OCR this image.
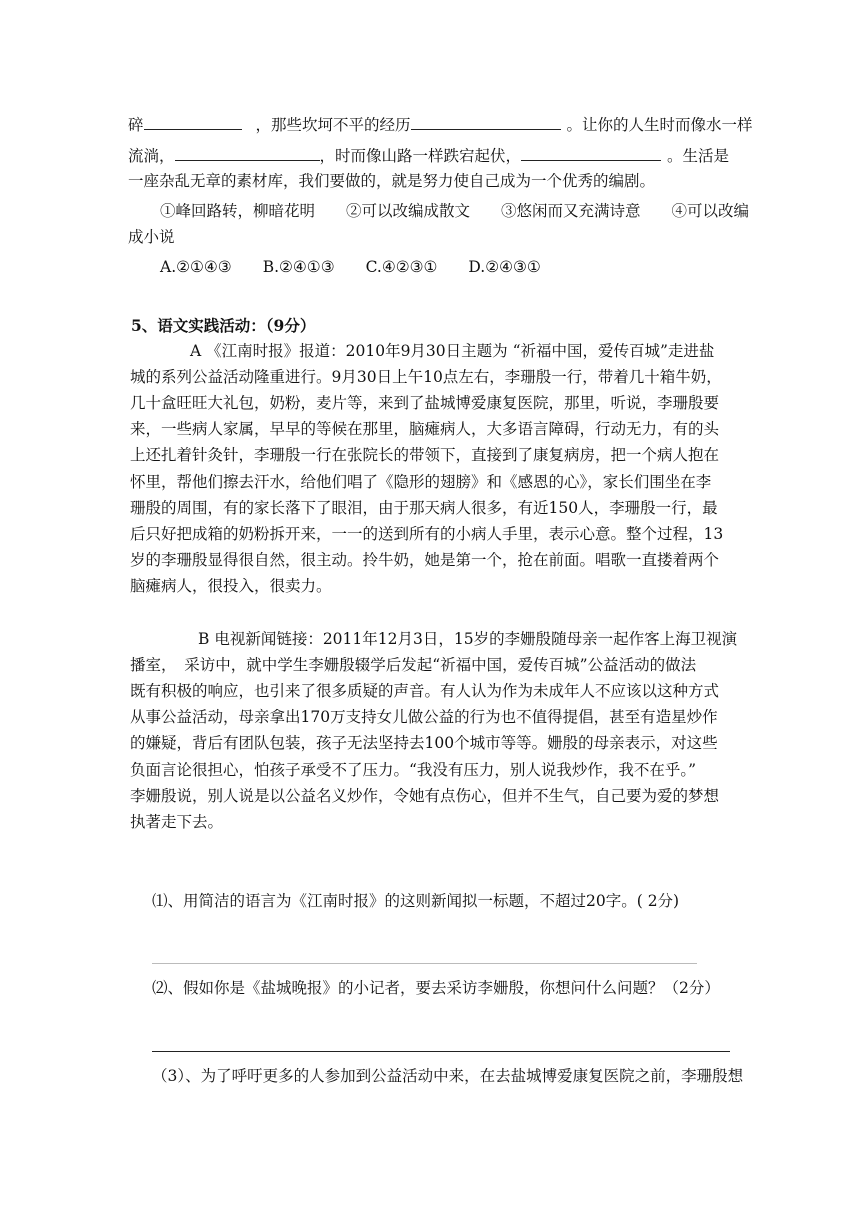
碎	，那些坎坷不平的经历	。让你的人生时而像水一样
流淌，	，时而像山路一样跌宕起伏，	。生活是
一座杂乱无章的素材库，我们要做的，就是努力使自己成为一个优秀的编剧。
①峰回路转，柳暗花明　　②可以改编成散文　　③悠闲而又充满诗意　　④可以改编
成小说
A.②①④③　　B.②④①③　　C.④②③①　　D.②④③①
5、语文实践活动：（9分）
A 《江南时报》报道：2010年9月30日主题为 “祈福中国，爱传百城”走进盐
城的系列公益活动隆重进行。9月30日上午10点左右，李珊殷一行，带着几十箱牛奶，
几十盒旺旺大礼包，奶粉，麦片等，来到了盐城博爱康复医院，那里，听说，李珊殷要
来，一些病人家属，早早的等候在那里，脑瘫病人，大多语言障碍，行动无力，有的头
上还扎着针灸针，李珊殷一行在张院长的带领下，直接到了康复病房，把一个病人抱在
怀里，帮他们擦去汗水，给他们唱了《隐形的翅膀》和《感恩的心》，家长们围坐在李
珊殷的周围，有的家长落下了眼泪，由于那天病人很多，有近150人，李珊殷一行，最
后只好把成箱的奶粉拆开来，一一的送到所有的小病人手里，表示心意。整个过程，13
岁的李珊殷显得很自然，很主动。拎牛奶，她是第一个，抢在前面。唱歌一直搂着两个
脑瘫病人，很投入，很卖力。
B 电视新闻链接：2011年12月3日，15岁的李姗殷随母亲一起作客上海卫视演
播室，　采访中，就中学生李姗殷辍学后发起“祈福中国，爱传百城”公益活动的做法
既有积极的响应，也引来了很多质疑的声音。有人认为作为未成年人不应该以这种方式
从事公益活动，母亲拿出170万支持女儿做公益的行为也不值得提倡，甚至有造星炒作
的嫌疑，背后有团队包装，孩子无法坚持去100个城市等等。姗殷的母亲表示，对这些
负面言论很担心，怕孩子承受不了压力。“我没有压力，别人说我炒作，我不在乎。”
李姗殷说，别人说是以公益名义炒作，令她有点伤心，但并不生气，自己要为爱的梦想
执著走下去。
⑴、用简洁的语言为《江南时报》的这则新闻拟一标题，不超过20字。( 2分)
⑵、假如你是《盐城晚报》的小记者，要去采访李姗殷，你想问什么问题？（2分）
（3）、为了呼吁更多的人参加到公益活动中来，在去盐城博爱康复医院之前，李珊殷想
